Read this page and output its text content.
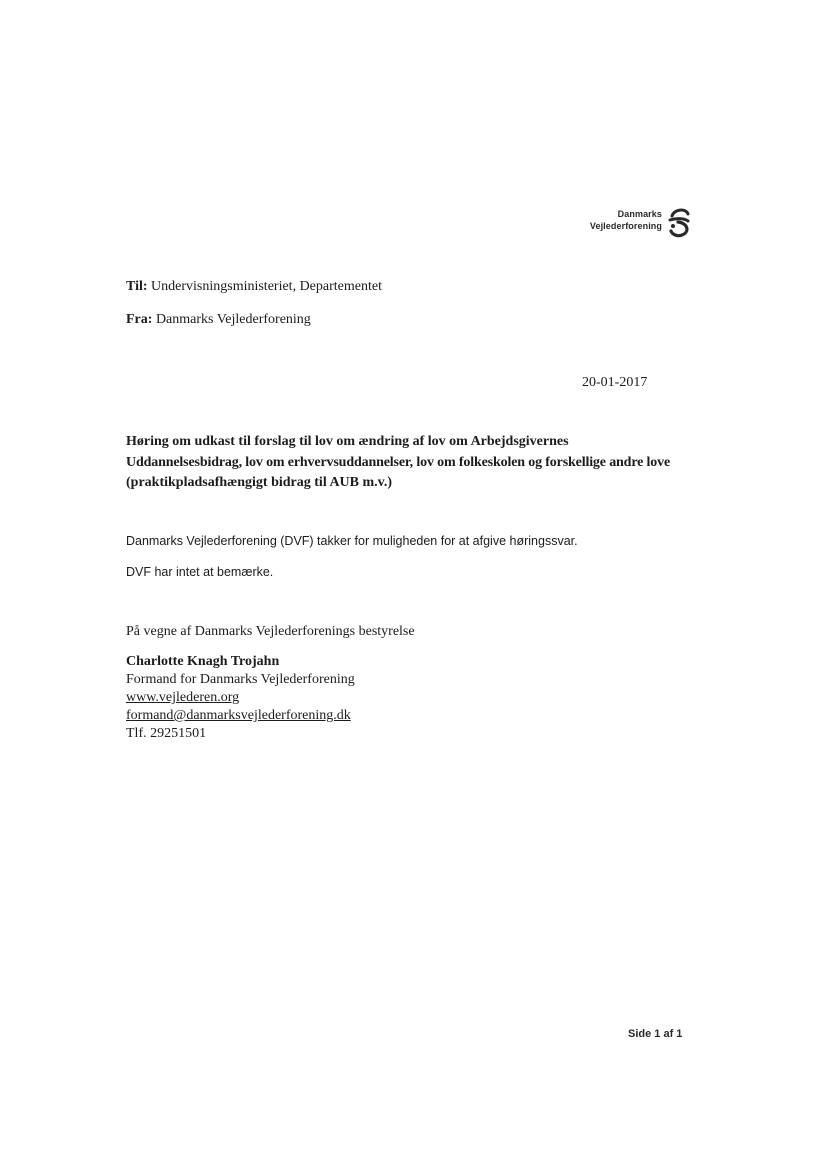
Danmarks
Vejlederforening
Til: Undervisningsministeriet, Departementet
Fra: Danmarks Vejlederforening
20-01-2017
Høring om udkast til forslag til lov om ændring af lov om Arbejdsgivernes
Uddannelsesbidrag, lov om erhvervsuddannelser, lov om folkeskolen og forskellige andre love
(praktikpladsafhængigt bidrag til AUB m.v.)
Danmarks Vejlederforening (DVF) takker for muligheden for at afgive høringssvar.
DVF har intet at bemærke.
På vegne af Danmarks Vejlederforenings bestyrelse
Charlotte Knagh Trojahn
Formand for Danmarks Vejlederforening
www.vejlederen.org
formand@danmarksvejlederforening.dk
Tlf. 29251501
Side 1 af 1
